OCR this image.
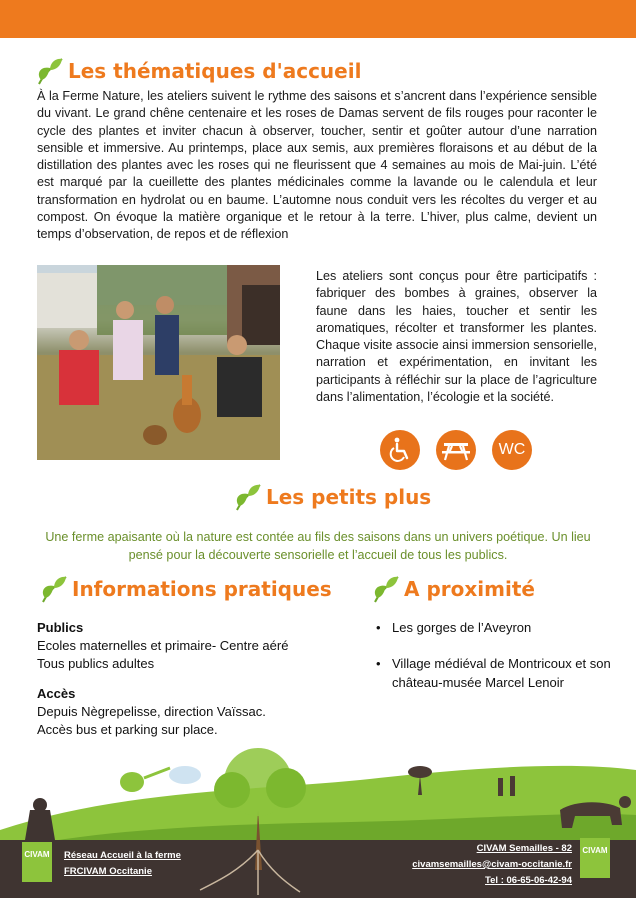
Les thématiques d'accueil
À la Ferme Nature, les ateliers suivent le rythme des saisons et s’ancrent dans l’expérience sensible du vivant. Le grand chêne centenaire et les roses de Damas servent de fils rouges pour raconter le cycle des plantes et inviter chacun à observer, toucher, sentir et goûter autour d’une narration sensible et immersive. Au printemps, place aux semis, aux premières floraisons et au début de la distillation des plantes avec les roses qui ne fleurissent que 4 semaines au mois de Mai-juin. L’été est marqué par la cueillette des plantes médicinales comme la lavande ou le calendula et leur transformation en hydrolat ou en baume. L’automne nous conduit vers les récoltes du verger et au compost. On évoque la matière organique et le retour à la terre. L’hiver, plus calme, devient un temps d’observation, de repos et de réflexion
Les ateliers sont conçus pour être participatifs : fabriquer des bombes à graines, observer la faune dans les haies, toucher et sentir les aromatiques, récolter et transformer les plantes. Chaque visite associe ainsi immersion sensorielle, narration et expérimentation, en invitant les participants à réfléchir sur la place de l’agriculture dans l’alimentation, l’écologie et la société.
WC
Les petits plus
Une ferme apaisante où la nature est contée au fils des saisons dans un univers poétique. Un lieu pensé pour la découverte sensorielle et l’accueil de tous les publics.
Informations pratiques
Publics
Ecoles maternelles et primaire- Centre aéré
Tous publics adultes
Accès
Depuis Nègrepelisse, direction Vaïssac.
Accès bus et parking sur place.
A proximité
• Les gorges de l’Aveyron
• Village médiéval de Montricoux et son château-musée Marcel Lenoir
CIVAM Réseau Accueil à la ferme
FRCIVAM Occitanie
CIVAM Semailles - 82
civamsemailles@civam-occitanie.fr
Tel : 06-65-06-42-94
CIVAM
